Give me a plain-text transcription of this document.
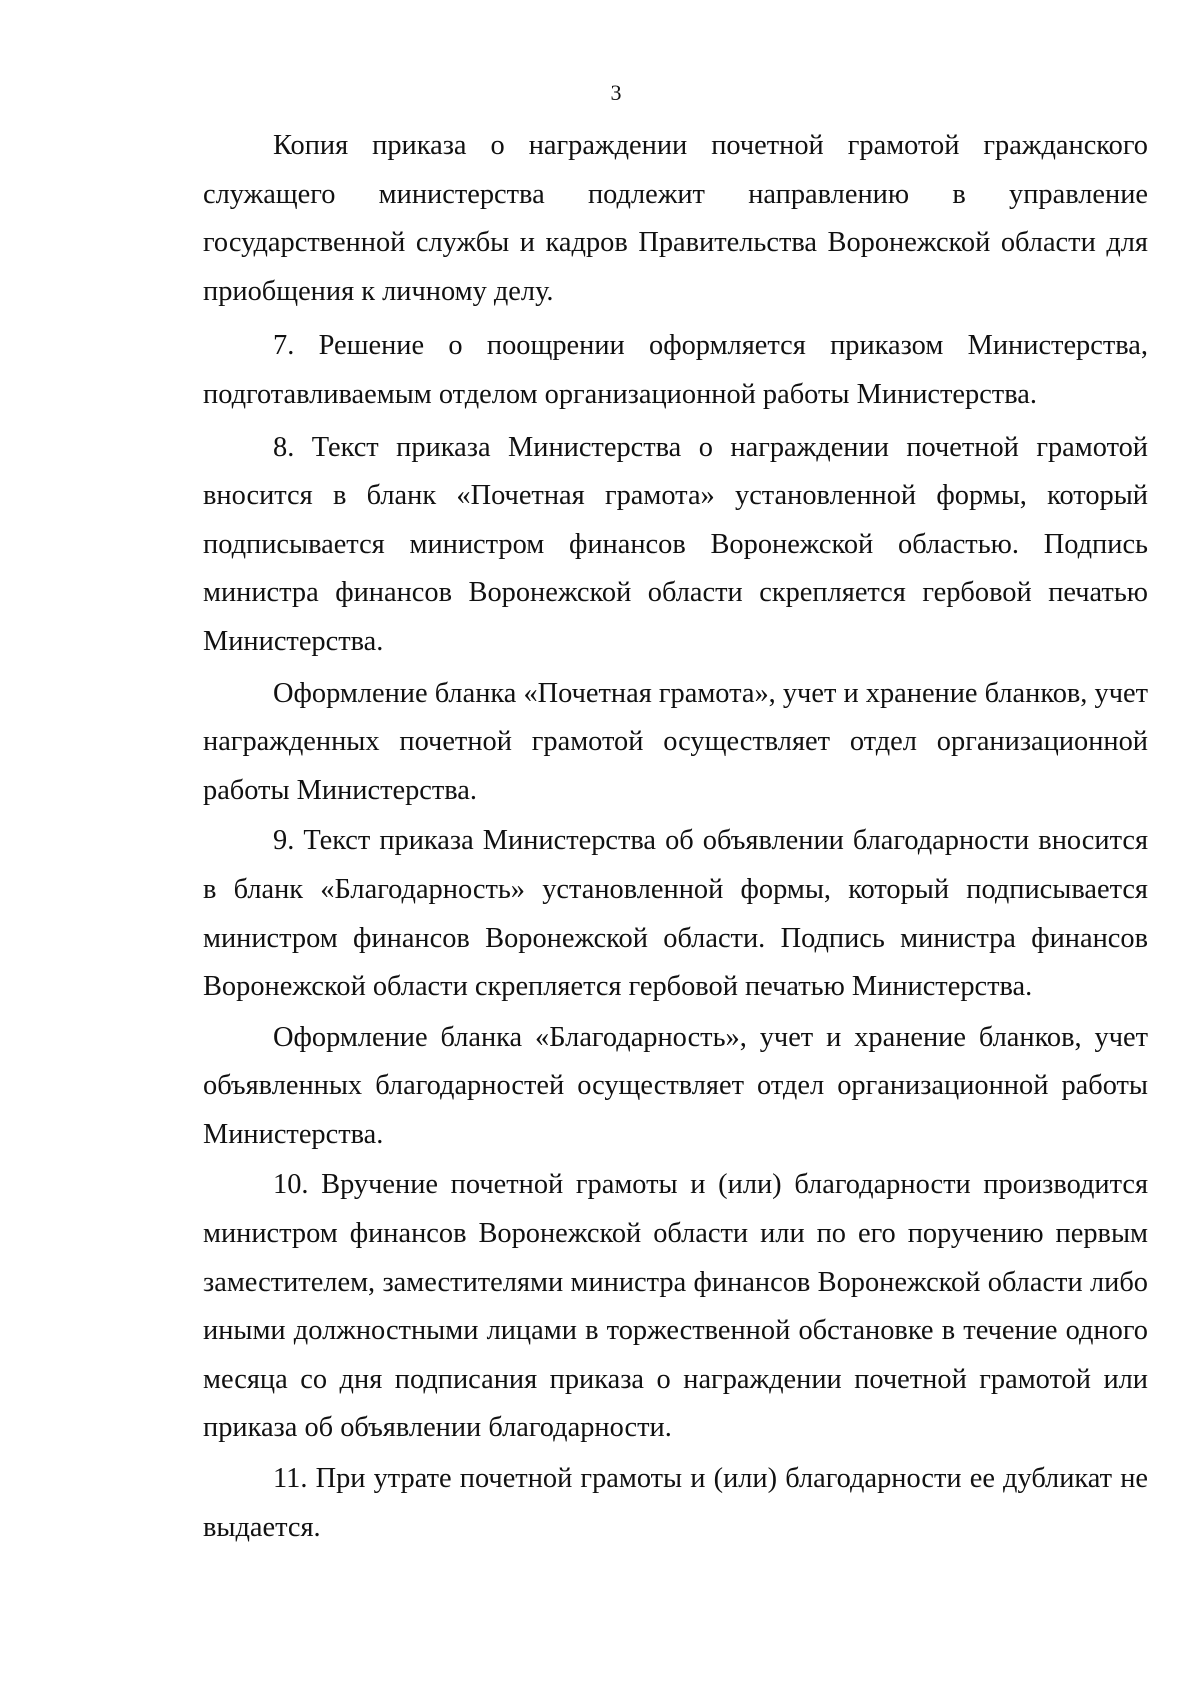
3

Копия приказа о награждении почетной грамотой гражданского служащего министерства подлежит направлению в управление государственной службы и кадров Правительства Воронежской области для приобщения к личному делу.

7. Решение о поощрении оформляется приказом Министерства, подготавливаемым отделом организационной работы Министерства.

8. Текст приказа Министерства о награждении почетной грамотой вносится в бланк «Почетная грамота» установленной формы, который подписывается министром финансов Воронежской областью. Подпись министра финансов Воронежской области скрепляется гербовой печатью Министерства.

Оформление бланка «Почетная грамота», учет и хранение бланков, учет награжденных почетной грамотой осуществляет отдел организационной работы Министерства.

9. Текст приказа Министерства об объявлении благодарности вносится в бланк «Благодарность» установленной формы, который подписывается министром финансов Воронежской области. Подпись министра финансов Воронежской области скрепляется гербовой печатью Министерства.

Оформление бланка «Благодарность», учет и хранение бланков, учет объявленных благодарностей осуществляет отдел организационной работы Министерства.

10. Вручение почетной грамоты и (или) благодарности производится министром финансов Воронежской области или по его поручению первым заместителем, заместителями министра финансов Воронежской области либо иными должностными лицами в торжественной обстановке в течение одного месяца со дня подписания приказа о награждении почетной грамотой или приказа об объявлении благодарности.

11. При утрате почетной грамоты и (или) благодарности ее дубликат не выдается.
